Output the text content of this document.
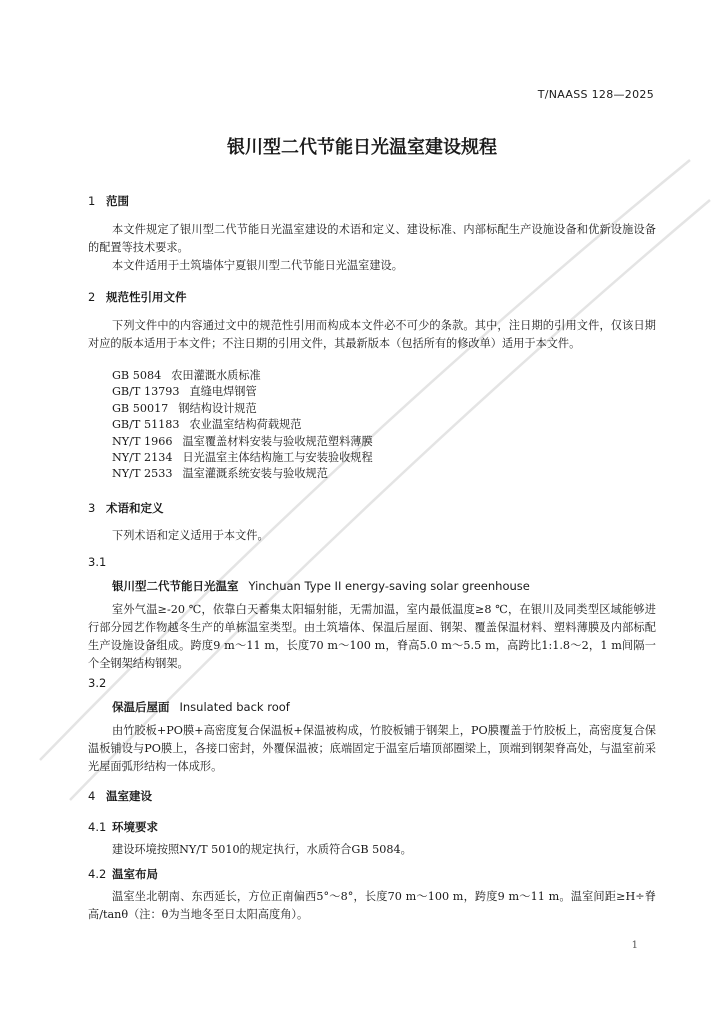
T/NAASS 128—2025
银川型二代节能日光温室建设规程
1 范围

本文件规定了银川型二代节能日光温室建设的术语和定义、建设标准、内部标配生产设施设备和优新设施设备的配置等技术要求。

本文件适用于土筑墙体宁夏银川型二代节能日光温室建设。

2 规范性引用文件

下列文件中的内容通过文中的规范性引用而构成本文件必不可少的条款。其中，注日期的引用文件，仅该日期对应的版本适用于本文件；不注日期的引用文件，其最新版本（包括所有的修改单）适用于本文件。

GB 5084 农田灌溉水质标准
GB/T 13793 直缝电焊钢管
GB 50017 钢结构设计规范
GB/T 51183 农业温室结构荷载规范
NY/T 1966 温室覆盖材料安装与验收规范塑料薄膜
NY/T 2134 日光温室主体结构施工与安装验收规程
NY/T 2533 温室灌溉系统安装与验收规范
3 术语和定义

下列术语和定义适用于本文件。

3.1
银川型二代节能日光温室 Yinchuan Type II energy-saving solar greenhouse

室外气温≥-20 ℃，依靠白天蓄集太阳辐射能，无需加温，室内最低温度≥8 ℃，在银川及同类型区域能够进行部分园艺作物越冬生产的单栋温室类型。由土筑墙体、保温后屋面、钢架、覆盖保温材料、塑料薄膜及内部标配生产设施设备组成。跨度9 m～11 m，长度70 m～100 m，脊高5.0 m～5.5 m，高跨比1:1.8～2，1 m间隔一个全钢架结构钢架。

3.2
保温后屋面 Insulated back roof

由竹胶板+PO膜+高密度复合保温板+保温被构成，竹胶板铺于钢架上，PO膜覆盖于竹胶板上，高密度复合保温板铺设与PO膜上，各接口密封，外覆保温被；底端固定于温室后墙顶部圈梁上，顶端到钢架脊高处，与温室前采光屋面弧形结构一体成形。

4 温室建设
4.1 环境要求

建设环境按照NY/T 5010的规定执行，水质符合GB 5084。

4.2 温室布局

温室坐北朝南、东西延长，方位正南偏西5°～8°，长度70 m～100 m，跨度9 m～11 m。温室间距≥H÷脊高/tanθ（注：θ为当地冬至日太阳高度角）。

1
